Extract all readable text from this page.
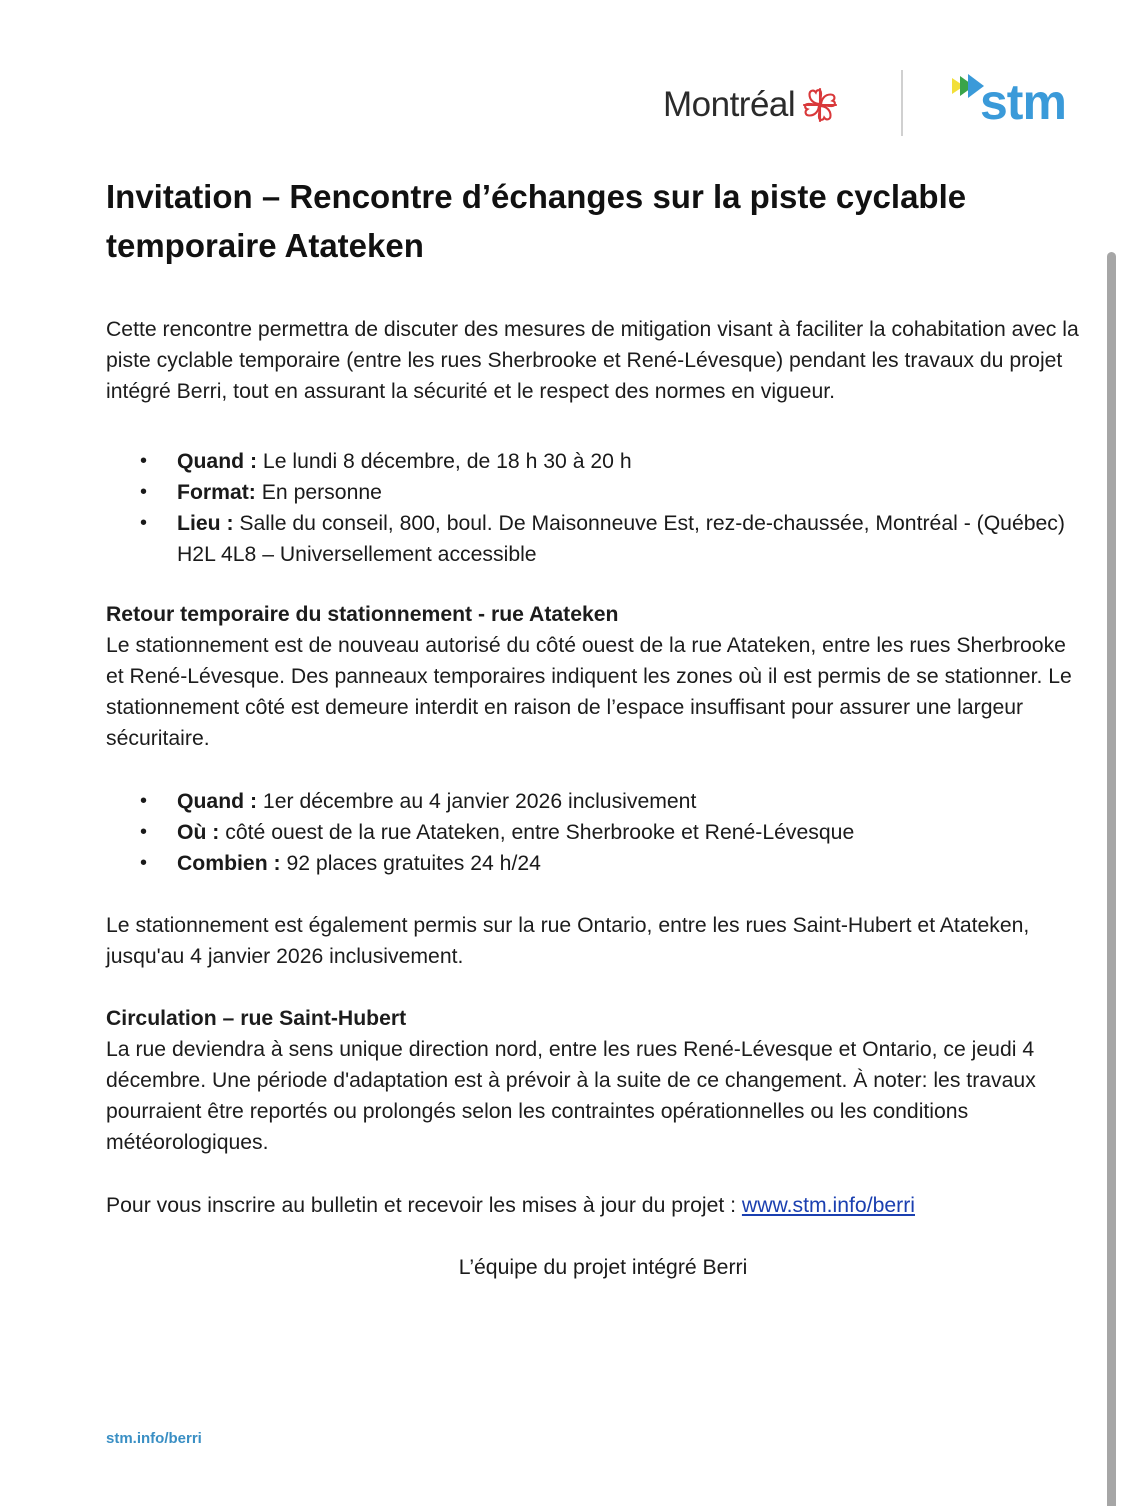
Montréal	stm
Invitation – Rencontre d’échanges sur la piste cyclable temporaire Atateken

Cette rencontre permettra de discuter des mesures de mitigation visant à faciliter la cohabitation avec la piste cyclable temporaire (entre les rues Sherbrooke et René-Lévesque) pendant les travaux du projet intégré Berri, tout en assurant la sécurité et le respect des normes en vigueur.

• Quand : Le lundi 8 décembre, de 18 h 30 à 20 h
• Format: En personne
• Lieu : Salle du conseil, 800, boul. De Maisonneuve Est, rez-de-chaussée, Montréal - (Québec) H2L 4L8 – Universellement accessible
Retour temporaire du stationnement - rue Atateken

Le stationnement est de nouveau autorisé du côté ouest de la rue Atateken, entre les rues Sherbrooke et René-Lévesque. Des panneaux temporaires indiquent les zones où il est permis de se stationner. Le stationnement côté est demeure interdit en raison de l’espace insuffisant pour assurer une largeur sécuritaire.

• Quand : 1er décembre au 4 janvier 2026 inclusivement
• Où : côté ouest de la rue Atateken, entre Sherbrooke et René-Lévesque
• Combien : 92 places gratuites 24 h/24

Le stationnement est également permis sur la rue Ontario, entre les rues Saint-Hubert et Atateken, jusqu'au 4 janvier 2026 inclusivement.

Circulation – rue Saint-Hubert

La rue deviendra à sens unique direction nord, entre les rues René-Lévesque et Ontario, ce jeudi 4 décembre. Une période d'adaptation est à prévoir à la suite de ce changement. À noter: les travaux pourraient être reportés ou prolongés selon les contraintes opérationnelles ou les conditions météorologiques.

Pour vous inscrire au bulletin et recevoir les mises à jour du projet : www.stm.info/berri

L’équipe du projet intégré Berri

stm.info/berri
